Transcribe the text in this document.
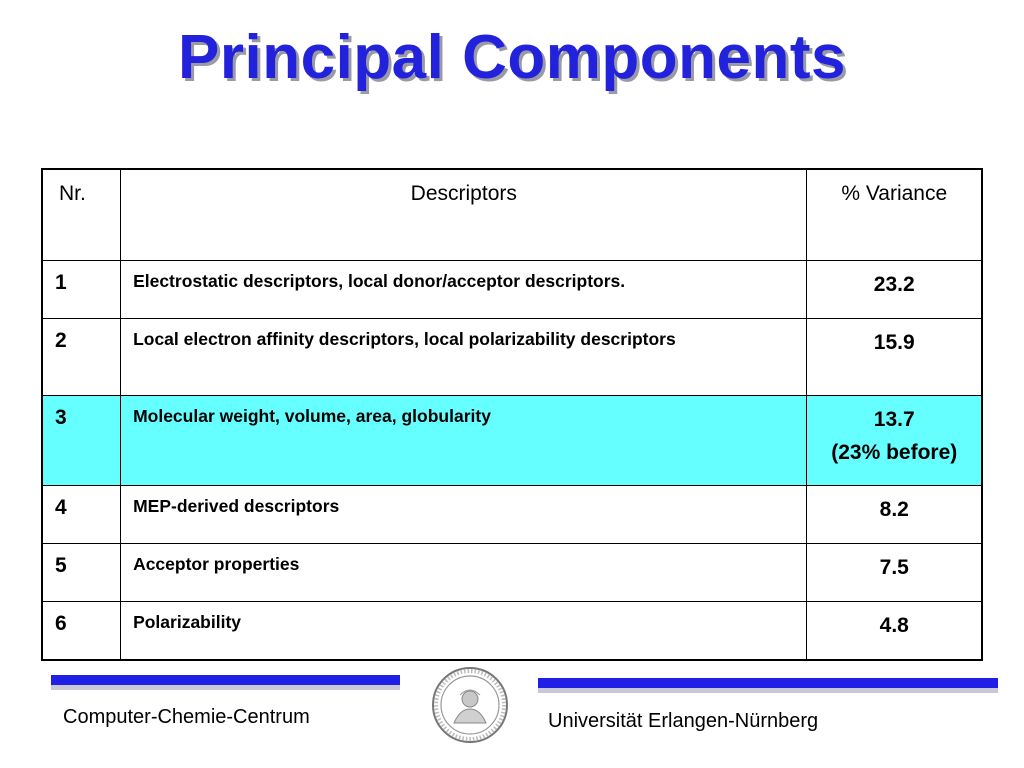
Principal Components
Nr.	Descriptors	% Variance
1	Electrostatic descriptors, local donor/acceptor descriptors.	23.2

2	Local electron affinity descriptors, local polarizability descriptors	15.9

3	Molecular weight, volume, area, globularity	13.7
(23% before)

4	MEP-derived descriptors	8.2

5	Acceptor properties	7.5

6	Polarizability	4.8
Computer-Chemie-Centrum	Universität Erlangen-Nürnberg
